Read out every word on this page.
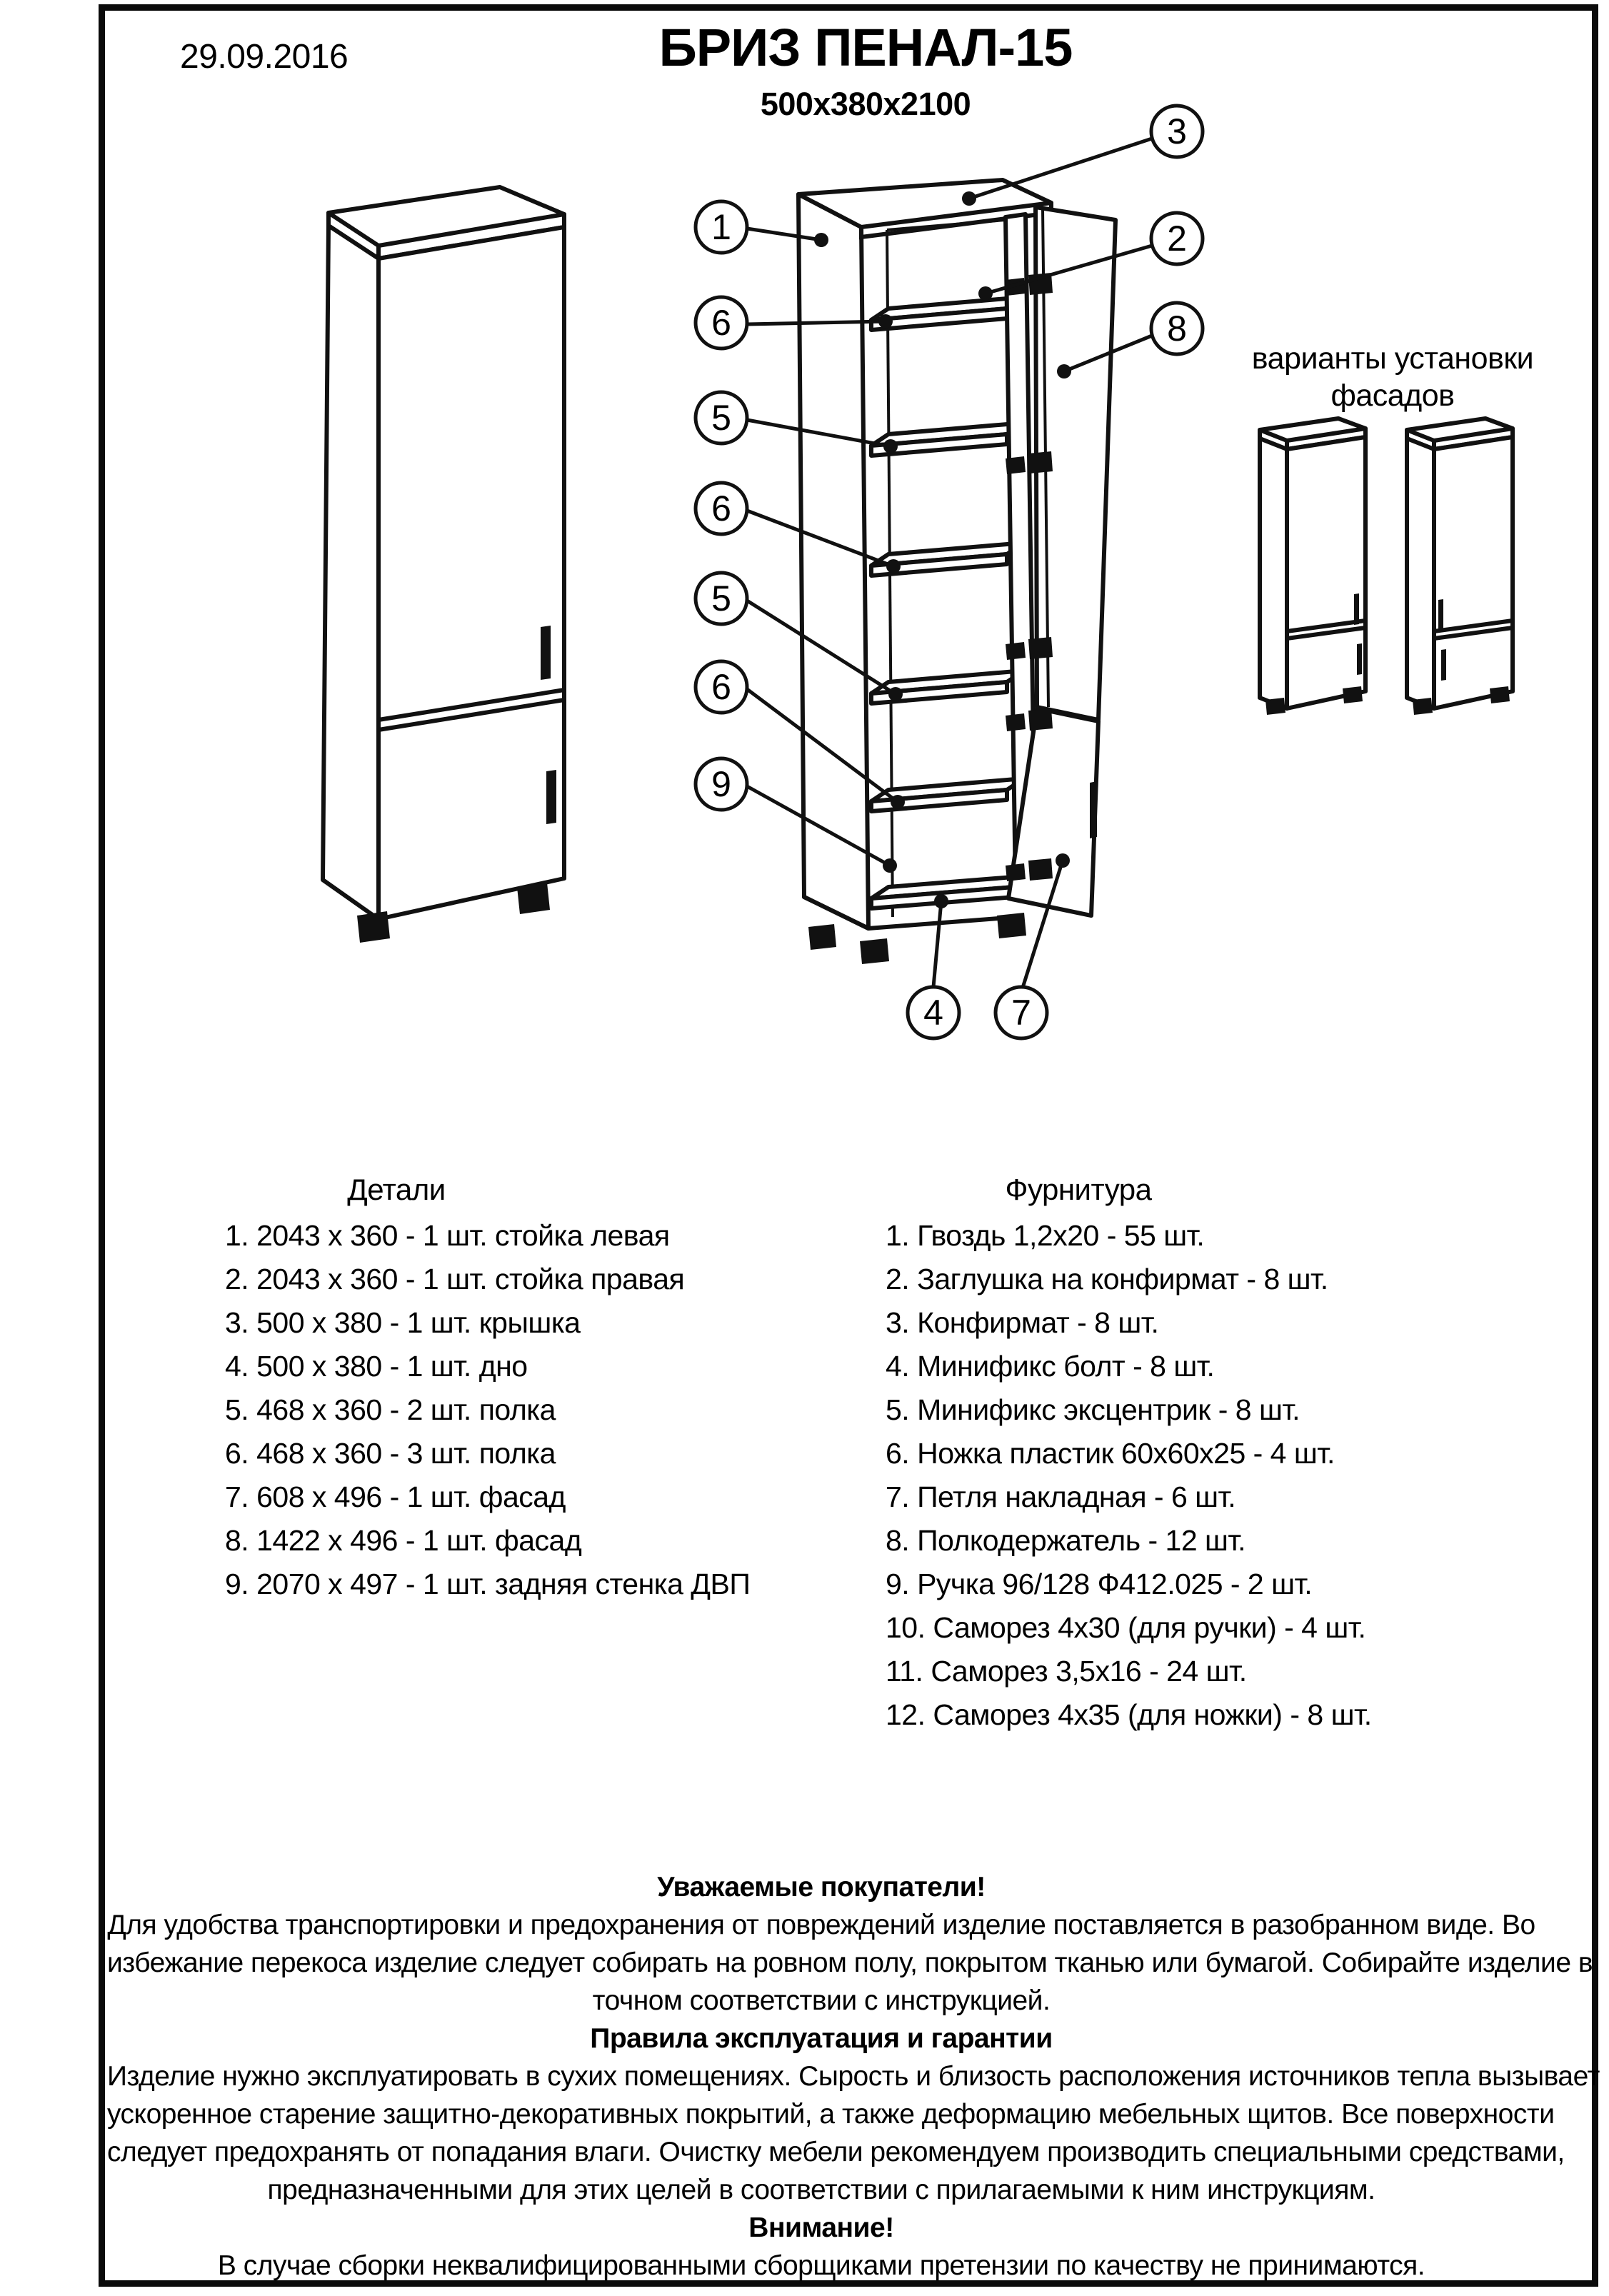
29.09.2016	БРИЗ ПЕНАЛ-15
500х380х2100
варианты установки
фасадов
1
6
5
6
5
6
9
3
2
8
4 7
Детали
1. 2043 х 360 - 1 шт. стойка левая
2. 2043 х 360 - 1 шт. стойка правая
3. 500 х 380 - 1 шт. крышка
4. 500 х 380 - 1 шт. дно
5. 468 х 360 - 2 шт. полка
6. 468 х 360 - 3 шт. полка
7. 608 х 496 - 1 шт. фасад
8. 1422 х 496 - 1 шт. фасад
9. 2070 х 497 - 1 шт. задняя стенка ДВП
Фурнитура
1. Гвоздь 1,2х20 - 55 шт.
2. Заглушка на конфирмат - 8 шт.
3. Конфирмат - 8 шт.
4. Минификс болт - 8 шт.
5. Минификс эксцентрик - 8 шт.
6. Ножка пластик 60х60х25 - 4 шт.
7. Петля накладная - 6 шт.
8. Полкодержатель - 12 шт.
9. Ручка 96/128 Ф412.025 - 2 шт.
10. Саморез 4х30 (для ручки) - 4 шт.
11. Саморез 3,5х16 - 24 шт.
12. Саморез 4х35 (для ножки) - 8 шт.
Уважаемые покупатели!
Для удобства транспортировки и предохранения от повреждений изделие поставляется в разобранном виде. Во
избежание перекоса изделие следует собирать на ровном полу, покрытом тканью или бумагой. Собирайте изделие в
точном соответствии с инструкцией.
Правила эксплуатация и гарантии
Изделие нужно эксплуатировать в сухих помещениях. Сырость и близость расположения источников тепла вызывает
ускоренное старение защитно-декоративных покрытий, а также деформацию мебельных щитов. Все поверхности
следует предохранять от попадания влаги. Очистку мебели рекомендуем производить специальными средствами,
предназначенными для этих целей в соответствии с прилагаемыми к ним инструкциям.
Внимание!
В случае сборки неквалифицированными сборщиками претензии по качеству не принимаются.
